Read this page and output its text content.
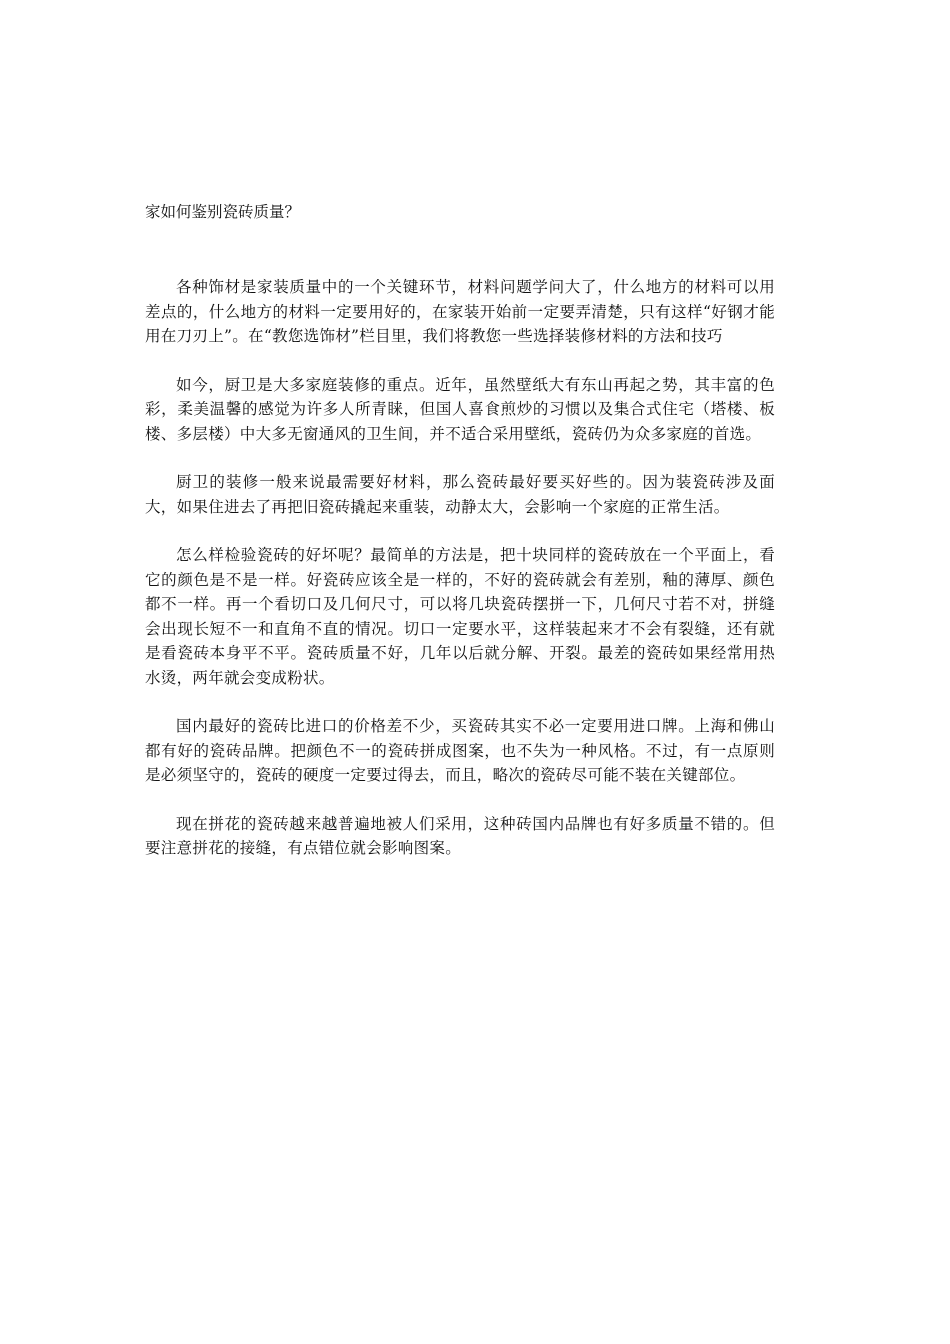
家如何鉴别瓷砖质量？

各种饰材是家装质量中的一个关键环节，材料问题学问大了，什么地方的材料可以用差点的，什么地方的材料一定要用好的，在家装开始前一定要弄清楚，只有这样“好钢才能用在刀刃上”。在“教您选饰材”栏目里，我们将教您一些选择装修材料的方法和技巧

如今，厨卫是大多家庭装修的重点。近年，虽然壁纸大有东山再起之势，其丰富的色彩，柔美温馨的感觉为许多人所青睐，但国人喜食煎炒的习惯以及集合式住宅（塔楼、板楼、多层楼）中大多无窗通风的卫生间，并不适合采用壁纸，瓷砖仍为众多家庭的首选。

厨卫的装修一般来说最需要好材料，那么瓷砖最好要买好些的。因为装瓷砖涉及面大，如果住进去了再把旧瓷砖撬起来重装，动静太大，会影响一个家庭的正常生活。

怎么样检验瓷砖的好坏呢？最简单的方法是，把十块同样的瓷砖放在一个平面上，看它的颜色是不是一样。好瓷砖应该全是一样的，不好的瓷砖就会有差别，釉的薄厚、颜色都不一样。再一个看切口及几何尺寸，可以将几块瓷砖摆拼一下，几何尺寸若不对，拼缝会出现长短不一和直角不直的情况。切口一定要水平，这样装起来才不会有裂缝，还有就是看瓷砖本身平不平。瓷砖质量不好，几年以后就分解、开裂。最差的瓷砖如果经常用热水烫，两年就会变成粉状。

国内最好的瓷砖比进口的价格差不少，买瓷砖其实不必一定要用进口牌。上海和佛山都有好的瓷砖品牌。把颜色不一的瓷砖拼成图案，也不失为一种风格。不过，有一点原则是必须坚守的，瓷砖的硬度一定要过得去，而且，略次的瓷砖尽可能不装在关键部位。

现在拼花的瓷砖越来越普遍地被人们采用，这种砖国内品牌也有好多质量不错的。但要注意拼花的接缝，有点错位就会影响图案。
